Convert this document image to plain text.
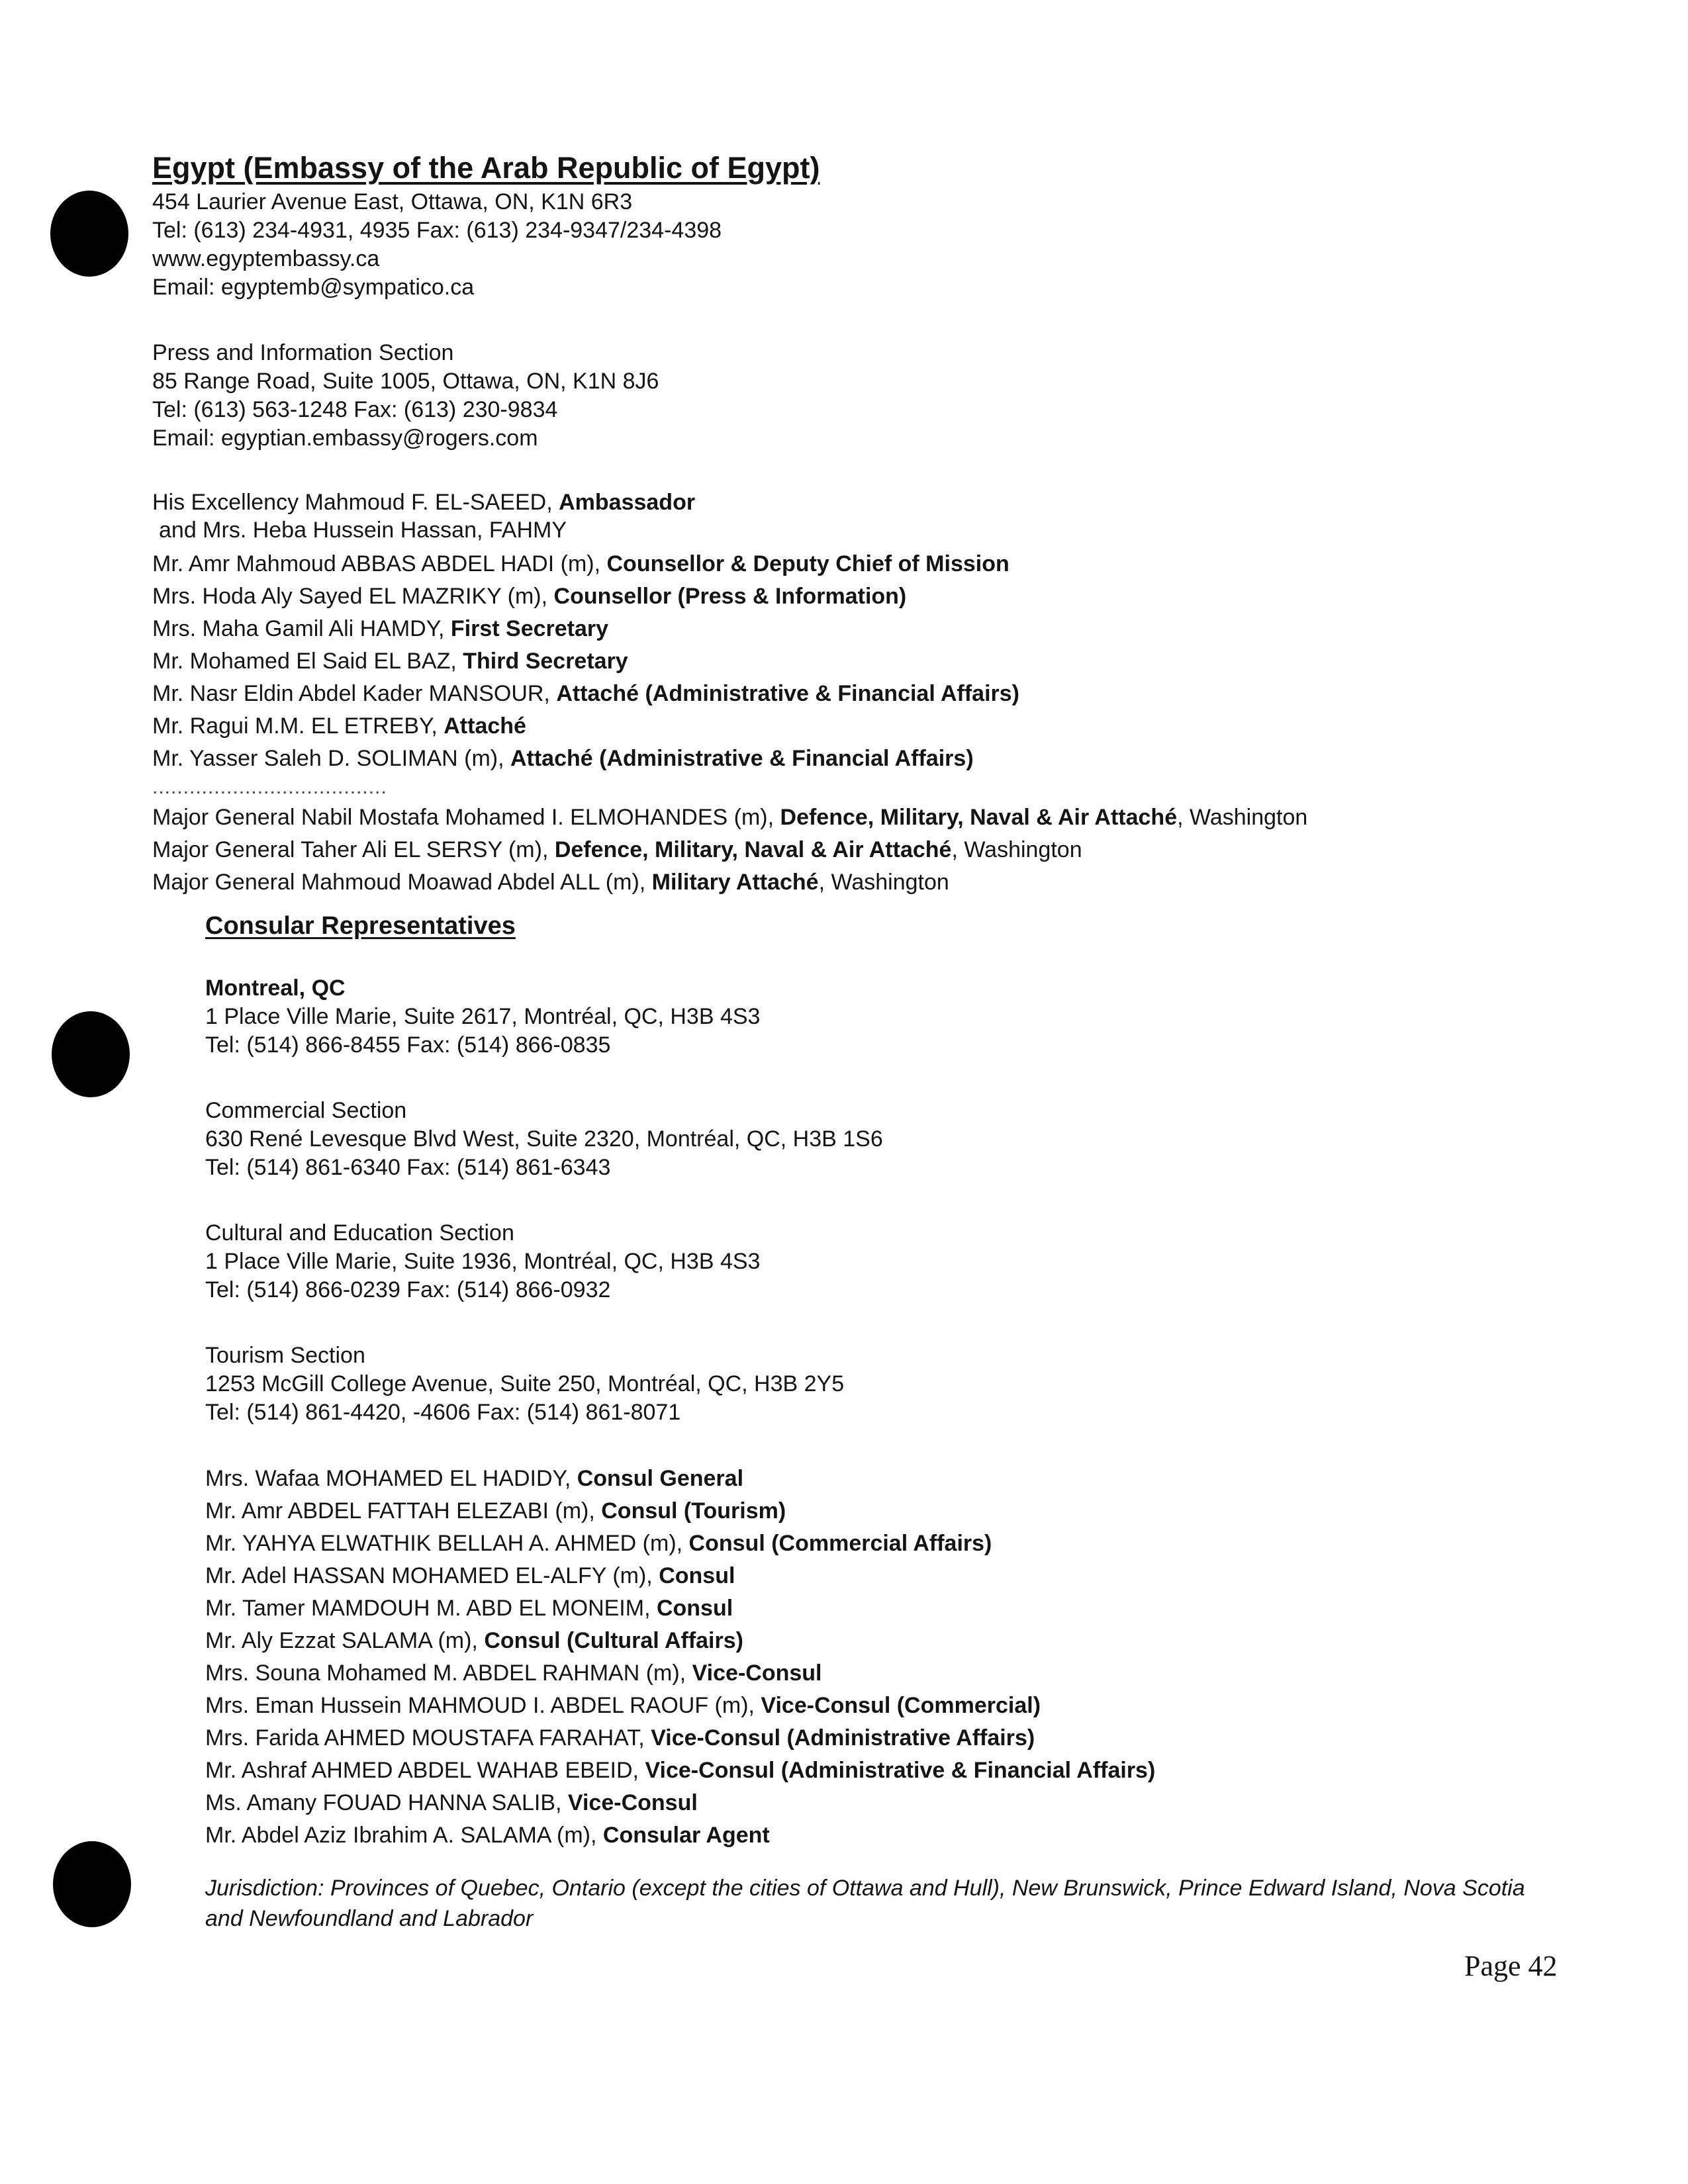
Egypt (Embassy of the Arab Republic of Egypt)

454 Laurier Avenue East, Ottawa, ON, K1N 6R3

Tel: (613) 234-4931, 4935 Fax: (613) 234-9347/234-4398

www.egyptembassy.ca

Email: egyptemb@sympatico.ca

Press and Information Section

85 Range Road, Suite 1005, Ottawa, ON, K1N 8J6

Tel: (613) 563-1248 Fax: (613) 230-9834

Email: egyptian.embassy@rogers.com

His Excellency Mahmoud F. EL-SAEED, Ambassador

and Mrs. Heba Hussein Hassan, FAHMY

Mr. Amr Mahmoud ABBAS ABDEL HADI (m), Counsellor & Deputy Chief of Mission

Mrs. Hoda Aly Sayed EL MAZRIKY (m), Counsellor (Press & Information)

Mrs. Maha Gamil Ali HAMDY, First Secretary

Mr. Mohamed El Said EL BAZ, Third Secretary

Mr. Nasr Eldin Abdel Kader MANSOUR, Attaché (Administrative & Financial Affairs)

Mr. Ragui M.M. EL ETREBY, Attaché

Mr. Yasser Saleh D. SOLIMAN (m), Attaché (Administrative & Financial Affairs)

......................................

Major General Nabil Mostafa Mohamed I. ELMOHANDES (m), Defence, Military, Naval & Air Attaché, Washington

Major General Taher Ali EL SERSY (m), Defence, Military, Naval & Air Attaché, Washington

Major General Mahmoud Moawad Abdel ALL (m), Military Attaché, Washington

Consular Representatives

Montreal, QC

1 Place Ville Marie, Suite 2617, Montréal, QC, H3B 4S3

Tel: (514) 866-8455 Fax: (514) 866-0835

Commercial Section

630 René Levesque Blvd West, Suite 2320, Montréal, QC, H3B 1S6

Tel: (514) 861-6340 Fax: (514) 861-6343

Cultural and Education Section

1 Place Ville Marie, Suite 1936, Montréal, QC, H3B 4S3

Tel: (514) 866-0239 Fax: (514) 866-0932

Tourism Section

1253 McGill College Avenue, Suite 250, Montréal, QC, H3B 2Y5

Tel: (514) 861-4420, -4606 Fax: (514) 861-8071

Mrs. Wafaa MOHAMED EL HADIDY, Consul General

Mr. Amr ABDEL FATTAH ELEZABI (m), Consul (Tourism)

Mr. YAHYA ELWATHIK BELLAH A. AHMED (m), Consul (Commercial Affairs)

Mr. Adel HASSAN MOHAMED EL-ALFY (m), Consul

Mr. Tamer MAMDOUH M. ABD EL MONEIM, Consul

Mr. Aly Ezzat SALAMA (m), Consul (Cultural Affairs)

Mrs. Souna Mohamed M. ABDEL RAHMAN (m), Vice-Consul

Mrs. Eman Hussein MAHMOUD I. ABDEL RAOUF (m), Vice-Consul (Commercial)

Mrs. Farida AHMED MOUSTAFA FARAHAT, Vice-Consul (Administrative Affairs)

Mr. Ashraf AHMED ABDEL WAHAB EBEID, Vice-Consul (Administrative & Financial Affairs)

Ms. Amany FOUAD HANNA SALIB, Vice-Consul

Mr. Abdel Aziz Ibrahim A. SALAMA (m), Consular Agent

Jurisdiction: Provinces of Quebec, Ontario (except the cities of Ottawa and Hull), New Brunswick, Prince Edward Island, Nova Scotia and Newfoundland and Labrador

Page 42
